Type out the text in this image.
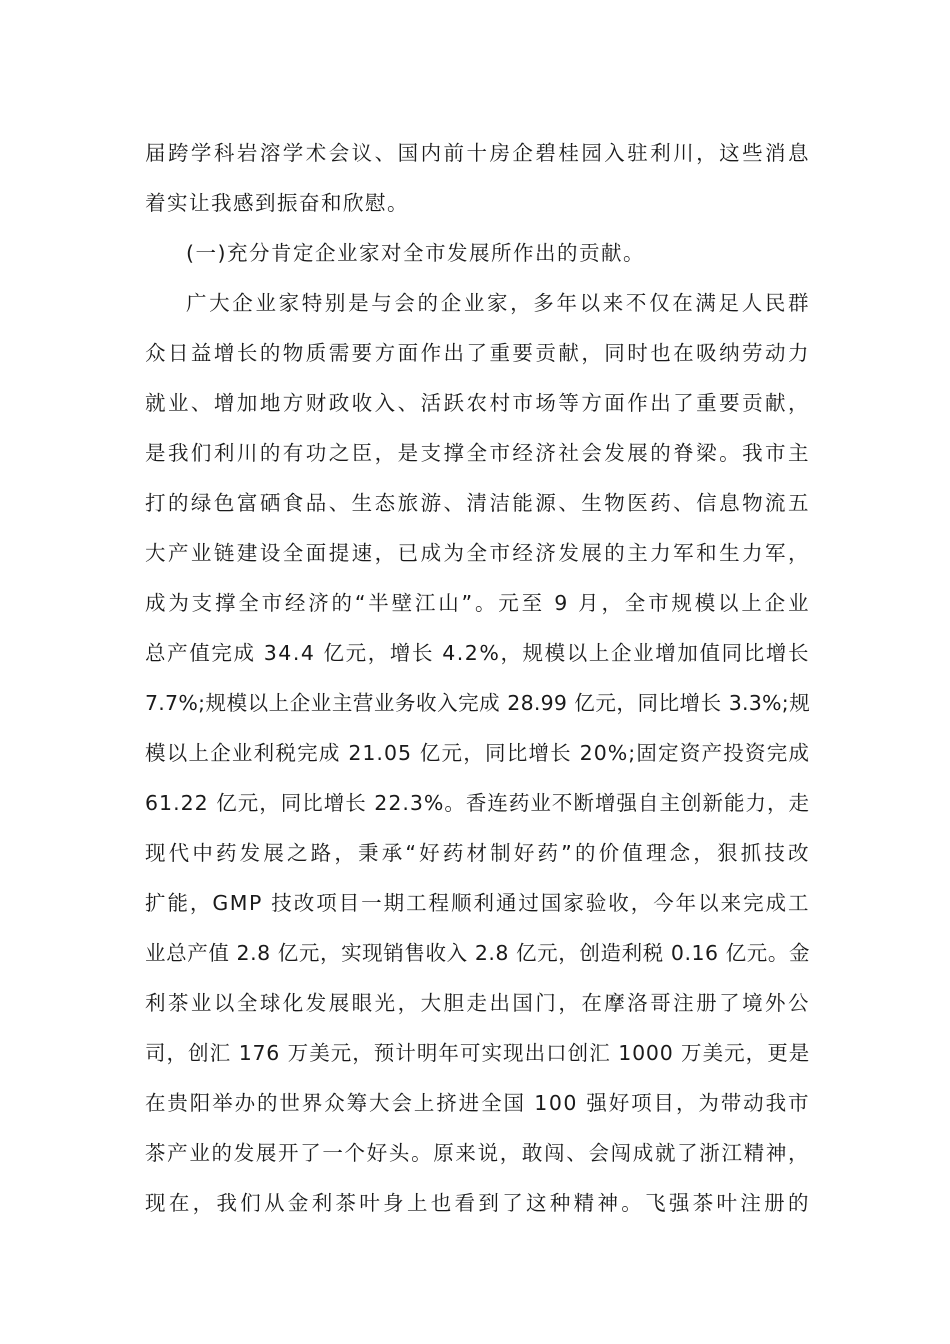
届跨学科岩溶学术会议、国内前十房企碧桂园入驻利川，这些消息
着实让我感到振奋和欣慰。
(一)充分肯定企业家对全市发展所作出的贡献。
广大企业家特别是与会的企业家，多年以来不仅在满足人民群
众日益增长的物质需要方面作出了重要贡献，同时也在吸纳劳动力
就业、增加地方财政收入、活跃农村市场等方面作出了重要贡献，
是我们利川的有功之臣，是支撑全市经济社会发展的脊梁。我市主
打的绿色富硒食品、生态旅游、清洁能源、生物医药、信息物流五
大产业链建设全面提速，已成为全市经济发展的主力军和生力军，
成为支撑全市经济的“半壁江山”。元至 9 月，全市规模以上企业
总产值完成 34.4 亿元，增长 4.2%，规模以上企业增加值同比增长
7.7%;规模以上企业主营业务收入完成 28.99 亿元，同比增长 3.3%;规
模以上企业利税完成 21.05 亿元，同比增长 20%;固定资产投资完成
61.22 亿元，同比增长 22.3%。香连药业不断增强自主创新能力，走
现代中药发展之路，秉承“好药材制好药”的价值理念，狠抓技改
扩能，GMP 技改项目一期工程顺利通过国家验收，今年以来完成工
业总产值 2.8 亿元，实现销售收入 2.8 亿元，创造利税 0.16 亿元。金
利茶业以全球化发展眼光，大胆走出国门，在摩洛哥注册了境外公
司，创汇 176 万美元，预计明年可实现出口创汇 1000 万美元，更是
在贵阳举办的世界众筹大会上挤进全国 100 强好项目，为带动我市
茶产业的发展开了一个好头。原来说，敢闯、会闯成就了浙江精神，
现在，我们从金利茶叶身上也看到了这种精神。飞强茶叶注册的
